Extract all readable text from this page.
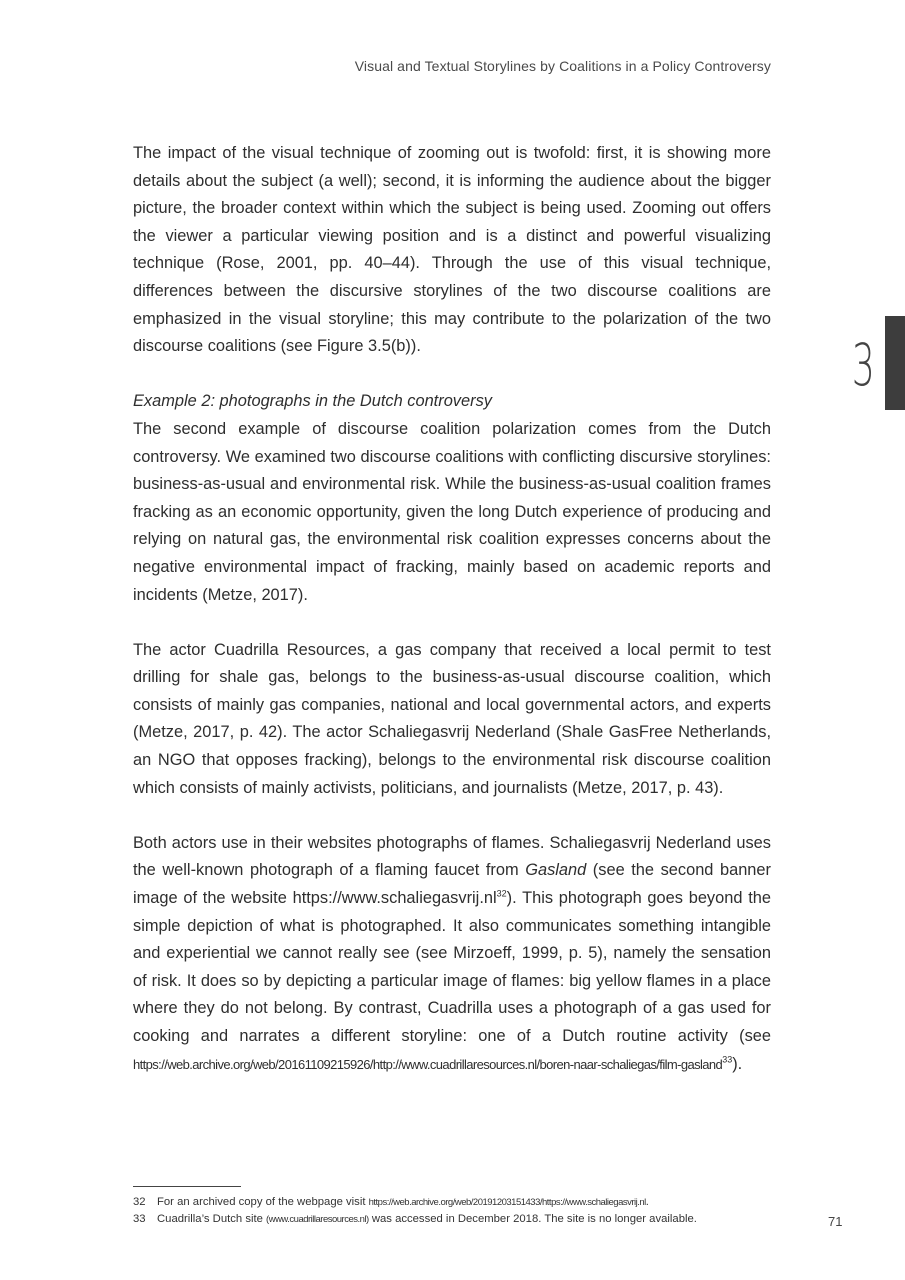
Visual and Textual Storylines by Coalitions in a Policy Controversy
3

The impact of the visual technique of zooming out is twofold: first, it is showing more details about the subject (a well); second, it is informing the audience about the bigger picture, the broader context within which the subject is being used. Zooming out offers the viewer a particular viewing position and is a distinct and powerful visualizing technique (Rose, 2001, pp. 40–44). Through the use of this visual technique, differences between the discursive storylines of the two discourse coalitions are emphasized in the visual storyline; this may contribute to the polarization of the two discourse coalitions (see Figure 3.5(b)).

Example 2: photographs in the Dutch controversy

The second example of discourse coalition polarization comes from the Dutch controversy. We examined two discourse coalitions with conflicting discursive storylines: business-as-usual and environmental risk. While the business-as-usual coalition frames fracking as an economic opportunity, given the long Dutch experience of producing and relying on natural gas, the environmental risk coalition expresses concerns about the negative environmental impact of fracking, mainly based on academic reports and incidents (Metze, 2017).

The actor Cuadrilla Resources, a gas company that received a local permit to test drilling for shale gas, belongs to the business-as-usual discourse coalition, which consists of mainly gas companies, national and local governmental actors, and experts (Metze, 2017, p. 42). The actor Schaliegasvrij Nederland (Shale GasFree Netherlands, an NGO that opposes fracking), belongs to the environmental risk discourse coalition which consists of mainly activists, politicians, and journalists (Metze, 2017, p. 43).

Both actors use in their websites photographs of flames. Schaliegasvrij Nederland uses the well-known photograph of a flaming faucet from Gasland (see the second banner image of the website $https://www.schaliegasvrij.nl^{32}$). This photograph goes beyond the simple depiction of what is photographed. It also communicates something intangible and experiential we cannot really see (see Mirzoeff, 1999, p. 5), namely the sensation of risk. It does so by depicting a particular image of flames: big yellow flames in a place where they do not belong. By contrast, Cuadrilla uses a photograph of a gas used for cooking and narrates a different storyline: one of a Dutch routine activity (see https://web.archive.org/web/20161109215926/http://www.cuadrillaresources.nl/boren-naar-schaliegas/film-gasland$^{33}$).

32 For an archived copy of the webpage visit https://web.archive.org/web/20191203151433/https://www.schaliegasvrij.nl.

33 Cuadrilla’s Dutch site (www.cuadrillaresources.nl) was accessed in December 2018. The site is no longer available.	71
